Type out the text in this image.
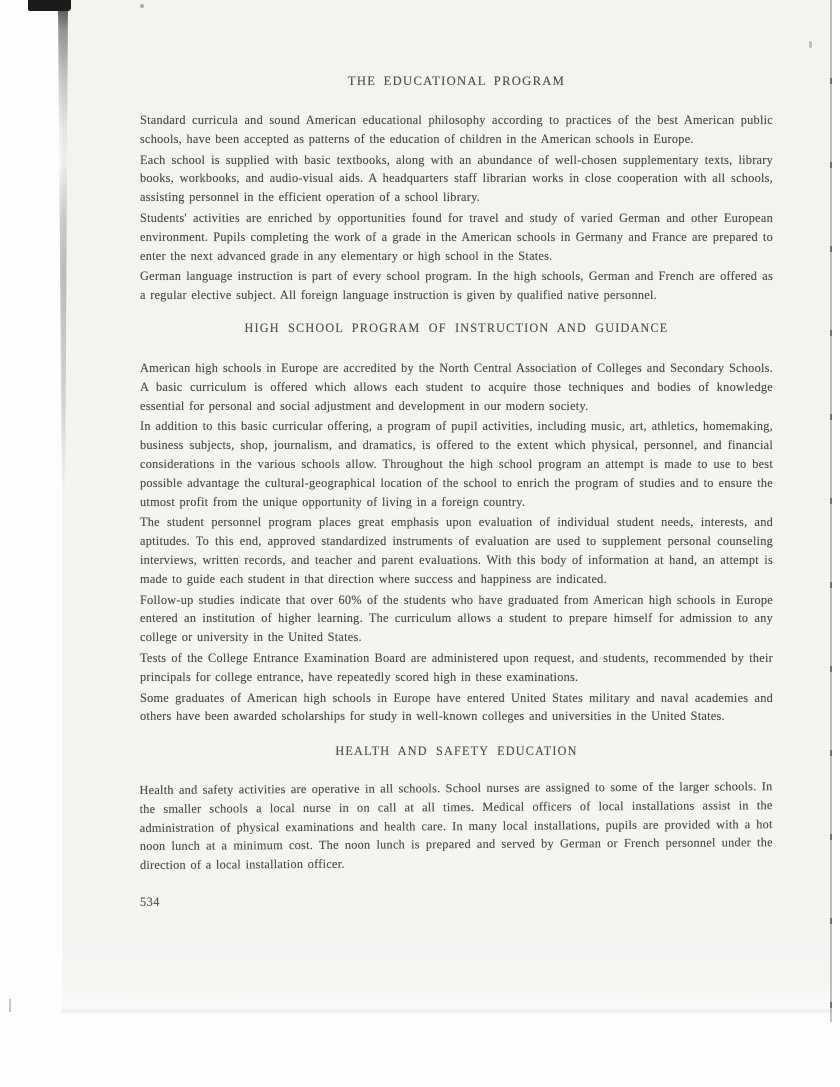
THE EDUCATIONAL PROGRAM

Standard curricula and sound American educational philosophy according to practices of the best American public schools, have been accepted as patterns of the education of children in the American schools in Europe.

Each school is supplied with basic textbooks, along with an abundance of well-chosen supplementary texts, library books, workbooks, and audio-visual aids. A headquarters staff librarian works in close cooperation with all schools, assisting personnel in the efficient operation of a school library.

Students' activities are enriched by opportunities found for travel and study of varied German and other European environment. Pupils completing the work of a grade in the American schools in Germany and France are prepared to enter the next advanced grade in any elementary or high school in the States.

German language instruction is part of every school program. In the high schools, German and French are offered as a regular elective subject. All foreign language instruction is given by qualified native personnel.

HIGH SCHOOL PROGRAM OF INSTRUCTION AND GUIDANCE

American high schools in Europe are accredited by the North Central Association of Colleges and Secondary Schools. A basic curriculum is offered which allows each student to acquire those techniques and bodies of knowledge essential for personal and social adjustment and development in our modern society.

In addition to this basic curricular offering, a program of pupil activities, including music, art, athletics, homemaking, business subjects, shop, journalism, and dramatics, is offered to the extent which physical, personnel, and financial considerations in the various schools allow. Throughout the high school program an attempt is made to use to best possible advantage the cultural-geographical location of the school to enrich the program of studies and to ensure the utmost profit from the unique opportunity of living in a foreign country.

The student personnel program places great emphasis upon evaluation of individual student needs, interests, and aptitudes. To this end, approved standardized instruments of evaluation are used to supplement personal counseling interviews, written records, and teacher and parent evaluations. With this body of information at hand, an attempt is made to guide each student in that direction where success and happiness are indicated.

Follow-up studies indicate that over 60% of the students who have graduated from American high schools in Europe entered an institution of higher learning. The curriculum allows a student to prepare himself for admission to any college or university in the United States.

Tests of the College Entrance Examination Board are administered upon request, and students, recommended by their principals for college entrance, have repeatedly scored high in these examinations.

Some graduates of American high schools in Europe have entered United States military and naval academies and others have been awarded scholarships for study in well-known colleges and universities in the United States.

HEALTH AND SAFETY EDUCATION

Health and safety activities are operative in all schools. School nurses are assigned to some of the larger schools. In the smaller schools a local nurse in on call at all times. Medical officers of local installations assist in the administration of physical examinations and health care. In many local installations, pupils are provided with a hot noon lunch at a minimum cost. The noon lunch is prepared and served by German or French personnel under the direction of a local installation officer.

534
